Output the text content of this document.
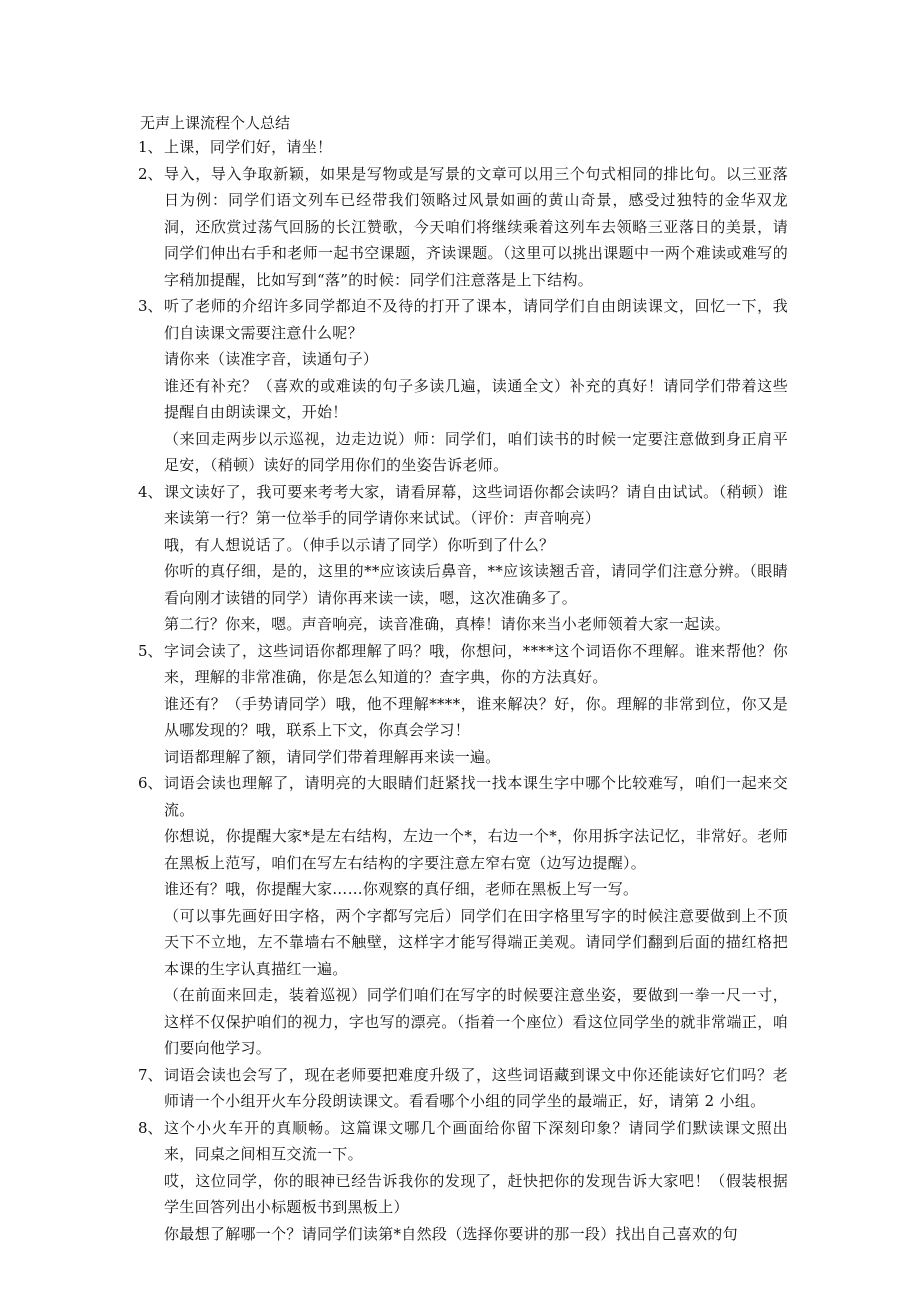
无声上课流程个人总结
1、 上课，同学们好，请坐！

2、 导入，导入争取新颖，如果是写物或是写景的文章可以用三个句式相同的排比句。以三亚落日为例：同学们语文列车已经带我们领略过风景如画的黄山奇景，感受过独特的金华双龙洞，还欣赏过荡气回肠的长江赞歌，今天咱们将继续乘着这列车去领略三亚落日的美景，请同学们伸出右手和老师一起书空课题，齐读课题。（这里可以挑出课题中一两个难读或难写的字稍加提醒，比如写到“落”的时候：同学们注意落是上下结构。

3、 听了老师的介绍许多同学都迫不及待的打开了课本，请同学们自由朗读课文，回忆一下，我们自读课文需要注意什么呢？

请你来（读准字音，读通句子）

谁还有补充？（喜欢的或难读的句子多读几遍，读通全文）补充的真好！请同学们带着这些提醒自由朗读课文，开始！

（来回走两步以示巡视，边走边说）师：同学们，咱们读书的时候一定要注意做到身正肩平足安，（稍顿）读好的同学用你们的坐姿告诉老师。

4、 课文读好了，我可要来考考大家，请看屏幕，这些词语你都会读吗？请自由试试。（稍顿）谁来读第一行？第一位举手的同学请你来试试。（评价：声音响亮）

哦，有人想说话了。（伸手以示请了同学）你听到了什么？

你听的真仔细，是的，这里的**应该读后鼻音，**应该读翘舌音，请同学们注意分辨。（眼睛看向刚才读错的同学）请你再来读一读，嗯，这次准确多了。

第二行？你来，嗯。声音响亮，读音准确，真棒！请你来当小老师领着大家一起读。

5、 字词会读了，这些词语你都理解了吗？哦，你想问，****这个词语你不理解。谁来帮他？你来，理解的非常准确，你是怎么知道的？查字典，你的方法真好。

谁还有？（手势请同学）哦，他不理解****，谁来解决？好，你。理解的非常到位，你又是从哪发现的？哦，联系上下文，你真会学习！

词语都理解了额，请同学们带着理解再来读一遍。

6、 词语会读也理解了，请明亮的大眼睛们赶紧找一找本课生字中哪个比较难写，咱们一起来交流。

你想说，你提醒大家*是左右结构，左边一个*，右边一个*，你用拆字法记忆，非常好。老师在黑板上范写，咱们在写左右结构的字要注意左窄右宽（边写边提醒）。

谁还有？哦，你提醒大家……你观察的真仔细，老师在黑板上写一写。

（可以事先画好田字格，两个字都写完后）同学们在田字格里写字的时候注意要做到上不顶天下不立地，左不靠墙右不触壁，这样字才能写得端正美观。请同学们翻到后面的描红格把本课的生字认真描红一遍。

（在前面来回走，装着巡视）同学们咱们在写字的时候要注意坐姿，要做到一拳一尺一寸，这样不仅保护咱们的视力，字也写的漂亮。（指着一个座位）看这位同学坐的就非常端正，咱们要向他学习。

7、 词语会读也会写了，现在老师要把难度升级了，这些词语藏到课文中你还能读好它们吗？老师请一个小组开火车分段朗读课文。看看哪个小组的同学坐的最端正，好，请第 2 小组。

8、 这个小火车开的真顺畅。这篇课文哪几个画面给你留下深刻印象？请同学们默读课文照出来，同桌之间相互交流一下。

哎，这位同学，你的眼神已经告诉我你的发现了，赶快把你的发现告诉大家吧！（假装根据学生回答列出小标题板书到黑板上）

你最想了解哪一个？请同学们读第*自然段（选择你要讲的那一段）找出自己喜欢的句
